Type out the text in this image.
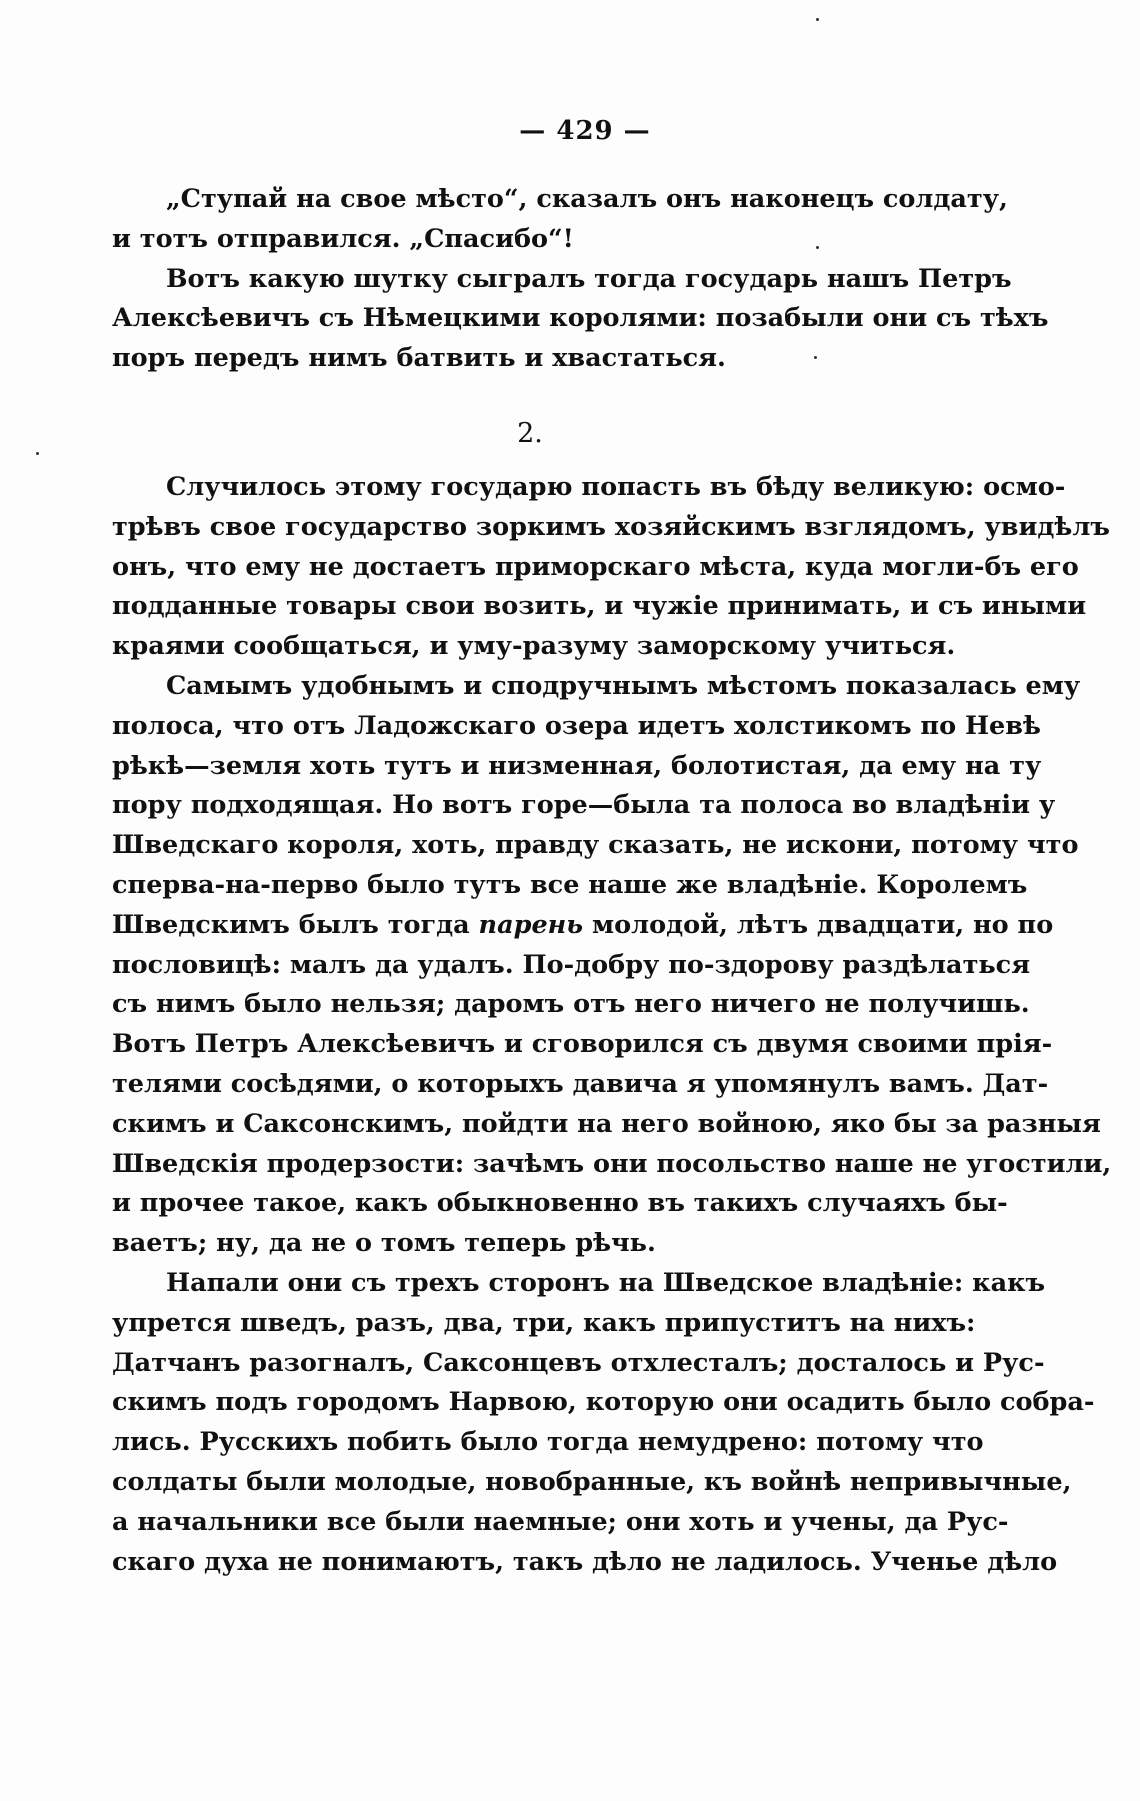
— 429 —
„Ступай на свое мѣсто“, сказалъ онъ наконецъ солдату,
и тотъ отправился. „Спасибо“!
Вотъ какую шутку сыгралъ тогда государь нашъ Петръ
Алексѣевичъ съ Нѣмецкими королями: позабыли они съ тѣхъ
поръ передъ нимъ батвить и хвастаться.
2.
Случилось этому государю попасть въ бѣду великую: осмо-
трѣвъ свое государство зоркимъ хозяйскимъ взглядомъ, увидѣлъ
онъ, что ему не достаетъ приморскаго мѣста, куда могли-бъ его
подданные товары свои возить, и чужіе принимать, и съ иными
краями сообщаться, и уму-разуму заморскому учиться.
Самымъ удобнымъ и сподручнымъ мѣстомъ показалась ему
полоса, что отъ Ладожскаго озера идетъ холстикомъ по Невѣ
рѣкѣ—земля хоть тутъ и низменная, болотистая, да ему на ту
пору подходящая. Но вотъ горе—была та полоса во владѣніи у
Шведскаго короля, хоть, правду сказать, не искони, потому что
сперва-на-перво было тутъ все наше же владѣніе. Королемъ
Шведскимъ былъ тогда парень молодой, лѣтъ двадцати, но по
пословицѣ: малъ да удалъ. По-добру по-здорову раздѣлаться
съ нимъ было нельзя; даромъ отъ него ничего не получишь.
Вотъ Петръ Алексѣевичъ и сговорился съ двумя своими прія-
телями сосѣдями, о которыхъ давича я упомянулъ вамъ. Дат-
скимъ и Саксонскимъ, пойдти на него войною, яко бы за разныя
Шведскія продерзости: зачѣмъ они посольство наше не угостили,
и прочее такое, какъ обыкновенно въ такихъ случаяхъ бы-
ваетъ; ну, да не о томъ теперь рѣчь.
Напали они съ трехъ сторонъ на Шведское владѣніе: какъ
упрется шведъ, разъ, два, три, какъ припуститъ на нихъ:
Датчанъ разогналъ, Саксонцевъ отхлесталъ; досталось и Рус-
скимъ подъ городомъ Нарвою, которую они осадить было собра-
лись. Русскихъ побить было тогда немудрено: потому что
солдаты были молодые, новобранные, къ войнѣ непривычные,
а начальники все были наемные; они хоть и учены, да Рус-
скаго духа не понимаютъ, такъ дѣло не ладилось. Ученье дѣло
